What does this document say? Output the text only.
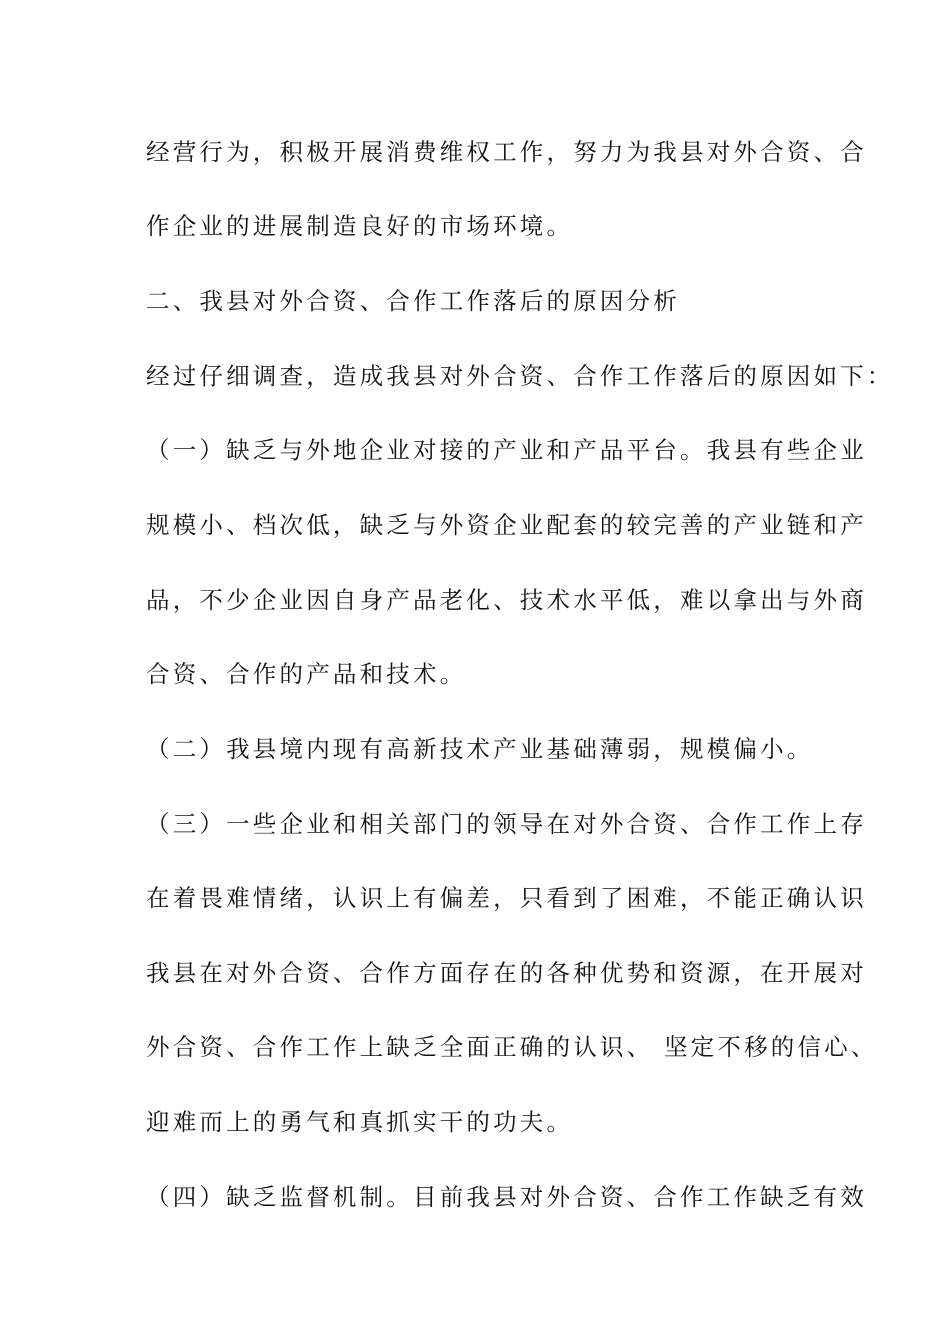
经营行为，积极开展消费维权工作，努力为我县对外合资、合
作企业的进展制造良好的市场环境。
二、我县对外合资、合作工作落后的原因分析
经过仔细调查，造成我县对外合资、合作工作落后的原因如下：
（一）缺乏与外地企业对接的产业和产品平台。我县有些企业
规模小、档次低，缺乏与外资企业配套的较完善的产业链和产
品，不少企业因自身产品老化、技术水平低，难以拿出与外商
合资、合作的产品和技术。
（二）我县境内现有高新技术产业基础薄弱，规模偏小。
（三）一些企业和相关部门的领导在对外合资、合作工作上存
在着畏难情绪，认识上有偏差，只看到了困难，不能正确认识
我县在对外合资、合作方面存在的各种优势和资源，在开展对
外合资、合作工作上缺乏全面正确的认识、 坚定不移的信心、
迎难而上的勇气和真抓实干的功夫。
（四）缺乏监督机制。目前我县对外合资、合作工作缺乏有效
